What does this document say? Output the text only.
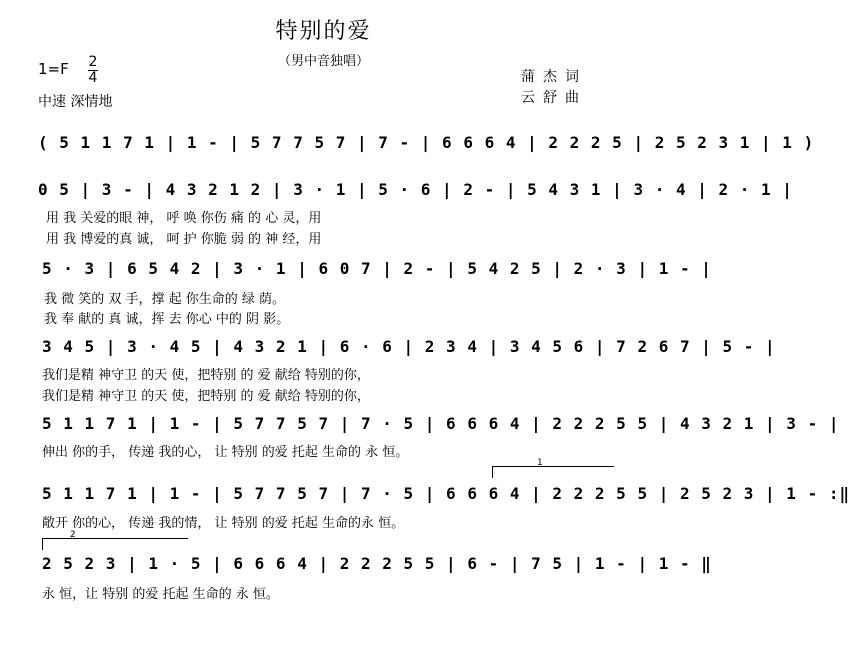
特别的爱
（男中音独唱）
1=F 2
4
中速 深情地
蒲杰词
云舒曲
( 5 1 1 7 1 | 1 - | 5 7 7 5 7 | 7 - | 6 6 6 4 | 2 2 2 5 | 2 5 2 3 1 | 1 )
0 5 | 3 - | 4 3 2 1 2 | 3 · 1 | 5 · 6 | 2 - | 5 4 3 1 | 3 · 4 | 2 · 1 |
用 我 关爱的眼 神， 呼 唤 你伤 痛 的 心 灵，用
用 我 博爱的真 诚， 呵 护 你脆 弱 的 神 经，用
5 · 3 | 6 5 4 2 | 3 · 1 | 6 0 7 | 2 - | 5 4 2 5 | 2 · 3 | 1 - |
我 微 笑的 双 手，撑 起 你生命的 绿 荫。
我 奉 献的 真 诚，挥 去 你心 中的 阴 影。
3 4 5 | 3 · 4 5 | 4 3 2 1 | 6 · 6 | 2 3 4 | 3 4 5 6 | 7 2 6 7 | 5 - |
我们是精 神守卫 的天 使，把特别 的 爱 献给 特别的你，
我们是精 神守卫 的天 使，把特别 的 爱 献给 特别的你，
5 1 1 7 1 | 1 - | 5 7 7 5 7 | 7 · 5 | 6 6 6 4 | 2 2 2 5 5 | 4 3 2 1 | 3 - |
伸出 你的手， 传递 我的心， 让 特别 的爱 托起 生命的 永 恒。
1
5 1 1 7 1 | 1 - | 5 7 7 5 7 | 7 · 5 | 6 6 6 4 | 2 2 2 5 5 | 2 5 2 3 | 1 - :‖
敞开 你的心， 传递 我的情， 让 特别 的爱 托起 生命的永 恒。
2
2 5 2 3 | 1 · 5 | 6 6 6 4 | 2 2 2 5 5 | 6 - | 7 5 | 1 - | 1 - ‖
永 恒，让 特别 的爱 托起 生命的 永 恒。
